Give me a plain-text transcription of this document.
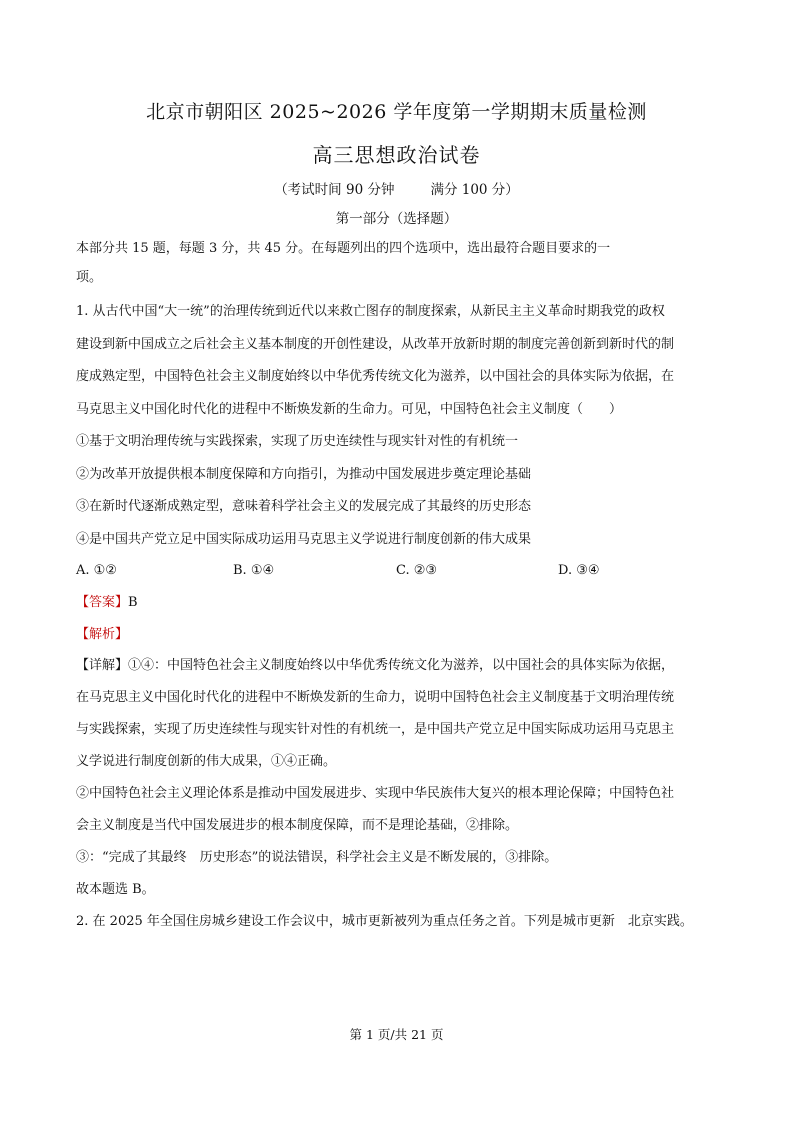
北京市朝阳区 2025~2026 学年度第一学期期末质量检测
高三思想政治试卷
（考试时间 90 分钟	满分 100 分）
第一部分（选择题）
本部分共 15 题，每题 3 分，共 45 分。在每题列出的四个选项中，选出最符合题目要求的一
项。
1. 从古代中国“大一统”的治理传统到近代以来救亡图存的制度探索，从新民主主义革命时期我党的政权
建设到新中国成立之后社会主义基本制度的开创性建设，从改革开放新时期的制度完善创新到新时代的制
度成熟定型，中国特色社会主义制度始终以中华优秀传统文化为滋养，以中国社会的具体实际为依据，在
马克思主义中国化时代化的进程中不断焕发新的生命力。可见，中国特色社会主义制度（　　）
①基于文明治理传统与实践探索，实现了历史连续性与现实针对性的有机统一
②为改革开放提供根本制度保障和方向指引，为推动中国发展进步奠定理论基础
③在新时代逐渐成熟定型，意味着科学社会主义的发展完成了其最终的历史形态
④是中国共产党立足中国实际成功运用马克思主义学说进行制度创新的伟大成果
A. ①②	B. ①④	C. ②③	D. ③④
【答案】B
【解析】
【详解】①④：中国特色社会主义制度始终以中华优秀传统文化为滋养，以中国社会的具体实际为依据，
在马克思主义中国化时代化的进程中不断焕发新的生命力，说明中国特色社会主义制度基于文明治理传统
与实践探索，实现了历史连续性与现实针对性的有机统一，是中国共产党立足中国实际成功运用马克思主
义学说进行制度创新的伟大成果，①④正确。
②中国特色社会主义理论体系是推动中国发展进步、实现中华民族伟大复兴的根本理论保障；中国特色社
会主义制度是当代中国发展进步的根本制度保障，而不是理论基础，②排除。
③：“完成了其最终　历史形态”的说法错误，科学社会主义是不断发展的，③排除。
故本题选 B。
2. 在 2025 年全国住房城乡建设工作会议中，城市更新被列为重点任务之首。下列是城市更新　北京实践。
第 1 页/共 21 页
